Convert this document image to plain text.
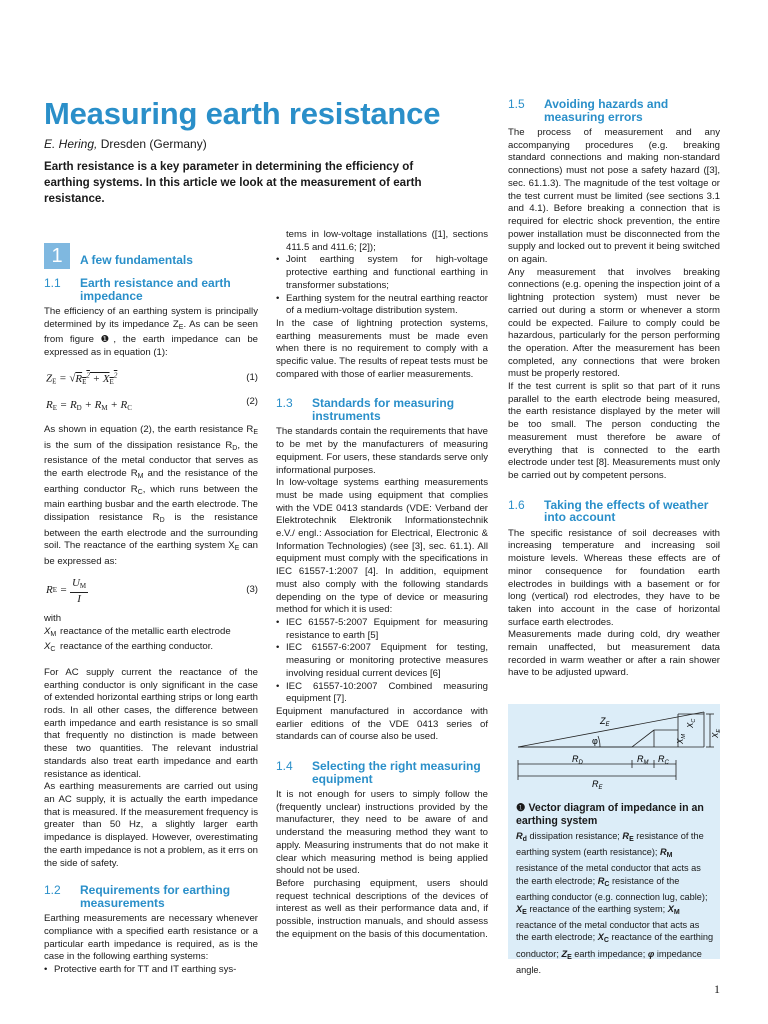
Measuring earth resistance
E. Hering, Dresden (Germany)

Earth resistance is a key parameter in determining the efficiency of earthing systems. In this article we look at the measurement of earth resistance.

1	A few fundamentals
1.1	Earth resistance and earth impedance

The efficiency of an earthing system is principally determined by its impedance $Z_E$. As can be seen from figure ❶, the earth impedance can be expressed as in equation (1):

$Z_E = √R_E^2 + X_E^2$	(1)
$R_E = R_D + R_M + R_C$
(2)

As shown in equation (2), the earth resistance $R_E$ is the sum of the dissipation resistance $R_D$, the resistance of the metal conductor that serves as the earth electrode $R_M$ and the resistance of the earthing conductor $R_C$, which runs between the main earthing busbar and the earth electrode. The dissipation resistance $R_D$ is the resistance between the earth electrode and the surrounding soil. The reactance of the earthing system $X_E$ can be expressed as:

R E =
$U_M$
I
(3)

with

$X_M$ reactance of the metallic earth electrode
$X_C$ reactance of the earthing conductor.

For AC supply current the reactance of the earthing conductor is only significant in the case of extended horizontal earthing strips or long earth rods. In all other cases, the difference between earth impedance and earth resistance is so small that frequently no distinction is made between these two quantities. The relevant industrial standards also treat earth impedance and earth resistance as identical.

As earthing measurements are carried out using an AC supply, it is actually the earth impedance that is measured. If the measurement frequency is greater than 50 Hz, a slightly larger earth impedance is displayed. However, overestimating the earth impedance is not a problem, as it errs on the side of safety.

1.2	Requirements for earthing measurements

Earthing measurements are necessary whenever compliance with a specified earth resistance or a particular earth impedance is required, as is the case in the following earthing systems:

• Protective earth for TT and IT earthing sys-
tems in low-voltage installations ([1], sections 411.5 and 411.6; [2]);
• Joint earthing system for high-voltage protective earthing and functional earthing in transformer substations;
• Earthing system for the neutral earthing reactor of a medium-voltage distribution system.

In the case of lightning protection systems, earthing measurements must be made even when there is no requirement to comply with a specific value. The results of repeat tests must be compared with those of earlier measurements.

1.3	Standards for measuring instruments

The standards contain the requirements that have to be met by the manufacturers of measuring equipment. For users, these standards serve only informational purposes.

In low-voltage systems earthing measurements must be made using equipment that complies with the VDE 0413 standards (VDE: Verband der Elektrotechnik Elektronik Informationstechnik e.V./ engl.: Association for Electrical, Electronic & Information Technologies) (see [3], sec. 61.1). All equipment must comply with the specifications in IEC 61557-1:2007 [4]. In addition, equipment must also comply with the following standards depending on the type of device or measuring method for which it is used:

• IEC 61557-5:2007 Equipment for measuring resistance to earth [5]
• IEC 61557-6:2007 Equipment for testing, measuring or monitoring protective measures involving residual current devices [6]
• IEC 61557-10:2007 Combined measuring equipment [7].

Equipment manufactured in accordance with earlier editions of the VDE 0413 series of standards can of course also be used.

1.4	Selecting the right measuring equipment

It is not enough for users to simply follow the (frequently unclear) instructions provided by the manufacturer, they need to be aware of and understand the measuring method they want to apply. Measuring instruments that do not make it clear which measuring method is being applied should not be used.

Before purchasing equipment, users should request technical descriptions of the devices of interest as well as their performance data and, if possible, instruction manuals, and should assess the equipment on the basis of this documentation.

1.5	Avoiding hazards and measuring errors

The process of measurement and any accompanying procedures (e.g. breaking standard connections and making non-standard connections) must not pose a safety hazard ([3], sec. 61.1.3). The magnitude of the test voltage or the test current must be limited (see sections 3.1 and 4.1). Before breaking a connection that is required for electric shock prevention, the entire power installation must be disconnected from the supply and locked out to prevent it being switched on again.

Any measurement that involves breaking connections (e.g. opening the inspection joint of a lightning protection system) must never be carried out during a storm or whenever a storm could be expected. Failure to comply could be hazardous, particularly for the person performing the operation. After the measurement has been completed, any connections that were broken must be properly restored.

If the test current is split so that part of it runs parallel to the earth electrode being measured, the earth resistance displayed by the meter will be too small. The person conducting the measurement must therefore be aware of everything that is connected to the earth electrode under test [8]. Measurements must only be carried out by competent persons.

1.6	Taking the effects of weather into account

The specific resistance of soil decreases with increasing temperature and increasing soil moisture levels. Whereas these effects are of minor consequence for foundation earth electrodes in buildings with a basement or for long (vertical) rod electrodes, they have to be taken into account in the case of horizontal surface earth electrodes.

Measurements made during cold, dry weather remain unaffected, but measurement data recorded in warm weather or after a rain shower have to be adjusted upward.

$Z_E$
φ
$R_D$	$R_M$ $R_C$
$R_E$
$X_M$
$X_C$
$X_E$
❶ Vector diagram of impedance in an earthing system
$R_d$ dissipation resistance; $R_E$ resistance of the earthing system (earth resistance); $R_M$ resistance of the metal conductor that acts as the earth electrode; $R_C$ resistance of the earthing conductor (e.g. connection lug, cable); $X_E$ reactance of the earthing system; $X_M$ reactance of the metal conductor that acts as the earth electrode; $X_C$ reactance of the earthing conductor; $Z_E$ earth impedance; φ impedance angle.
1
